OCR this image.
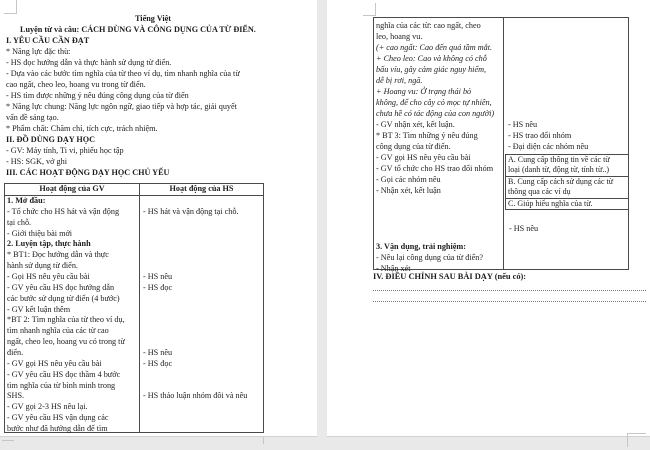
Tiếng Việt
Luyện từ và câu: CÁCH DÙNG VÀ CÔNG DỤNG CỦA TỪ ĐIỂN.
I. YÊU CẦU CẦN ĐẠT
* Năng lực đặc thù:
- HS đọc hướng dẫn và thực hành sử dụng từ điển.
- Dựa vào các bước tìm nghĩa của từ theo ví dụ, tìm nhanh nghĩa của từ
cao ngất, cheo leo, hoang vu trong từ điển.
- HS tìm được những ý nêu đúng công dụng của từ điển
* Năng lực chung: Năng lực ngôn ngữ, giao tiếp và hợp tác, giải quyết
vấn đề sáng tạo.
* Phẩm chất: Chăm chỉ, tích cực, trách nhiệm.
II. ĐỒ DÙNG DẠY HỌC
- GV: Máy tính, Ti vi, phiếu học tập
- HS: SGK, vở ghi
III. CÁC HOẠT ĐỘNG DẠY HỌC CHỦ YẾU
Hoạt động của GV	Hoạt động của HS
1. Mở đầu:
- Tổ chức cho HS hát và vận động
tại chỗ.
- Giới thiệu bài mới
2. Luyện tập, thực hành
* BT1: Đọc hướng dẫn và thực
hành sử dụng từ điển.
- Gọi HS nêu yêu cầu bài
- GV yêu cầu HS đọc hướng dẫn
các bước sử dụng từ điển (4 bước)
- GV kết luận thêm
*BT 2: Tìm nghĩa của từ theo ví dụ,
tìm nhanh nghĩa của các từ cao
ngất, cheo leo, hoang vu có trong từ
điển.
- GV gọi HS nêu yêu cầu bài
- GV yêu cầu HS đọc thầm 4 bước
tìm nghĩa của từ bình minh trong
SHS.
- GV gọi 2-3 HS nêu lại.
- GV yêu cầu HS vận dụng các
bước như đã hướng dẫn để tìm

- HS hát và vận động tại chỗ.

- HS nêu
- HS đọc

- HS nêu
- HS đọc

- HS thảo luận nhóm đôi và nêu

nghĩa của các từ: cao ngất, cheo
leo, hoang vu.
(+ cao ngất: Cao đến quá tầm mắt.
+ Cheo leo: Cao và không có chỗ
bấu víu, gây cảm giác nguy hiểm,
dễ bị rơi, ngã.
+ Hoang vu: Ở trạng thái bỏ
không, để cho cây cỏ mọc tự nhiên,
chưa hề có tác động của con người)
- GV nhận xét, kết luận.
* BT 3: Tìm những ý nêu đúng
công dụng của từ điển.
- GV gọi HS nêu yêu cầu bài
- GV tổ chức cho HS trao đổi nhóm
- Gọi các nhóm nêu
- Nhận xét, kết luận

- HS nêu
- HS trao đổi nhóm
- Đại diện các nhóm nêu
3. Vận dụng, trải nghiệm:
- Nêu lại công dụng của từ điển?
- Nhận xét
A. Cung cấp thông tin về các từ
loại (danh từ, động từ, tính từ..)
B. Cung cấp cách sử dụng các từ
thông qua các ví dụ
C. Giúp hiểu nghĩa của từ.
- HS nêu
IV. ĐIỀU CHỈNH SAU BÀI DẠY (nếu có):
